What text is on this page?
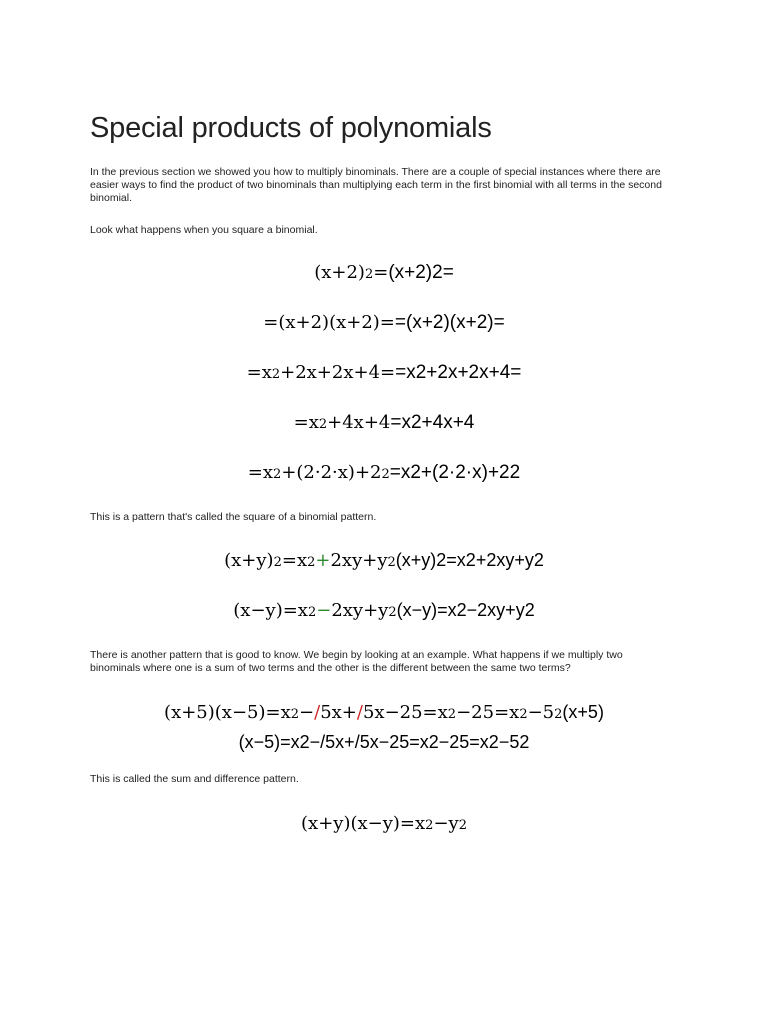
Special products of polynomials

In the previous section we showed you how to multiply binominals. There are a couple of special instances where there are easier ways to find the product of two binominals than multiplying each term in the first binomial with all terms in the second binomial.

Look what happens when you square a binomial.

(x+2)2=(x+2)2=
=(x+2)(x+2)==(x+2)(x+2)=
=x2+2x+2x+4==x2+2x+2x+4=
=x2+4x+4=x2+4x+4
=x2+(2·2·x)+22=x2+(2·2·x)+22

This is a pattern that's called the square of a binomial pattern.

(x+y)2=x2+2xy+y2(x+y)2=x2+2xy+y2
(x−y)=x2−2xy+y2(x−y)=x2−2xy+y2

There is another pattern that is good to know. We begin by looking at an example. What happens if we multiply two binominals where one is a sum of two terms and the other is the different between the same two terms?

(x+5)(x−5)=x2−/5x+/5x−25=x2−25=x2−52(x+5)
(x−5)=x2−/5x+/5x−25=x2−25=x2−52

This is called the sum and difference pattern.

(x+y)(x−y)=x2−y2
